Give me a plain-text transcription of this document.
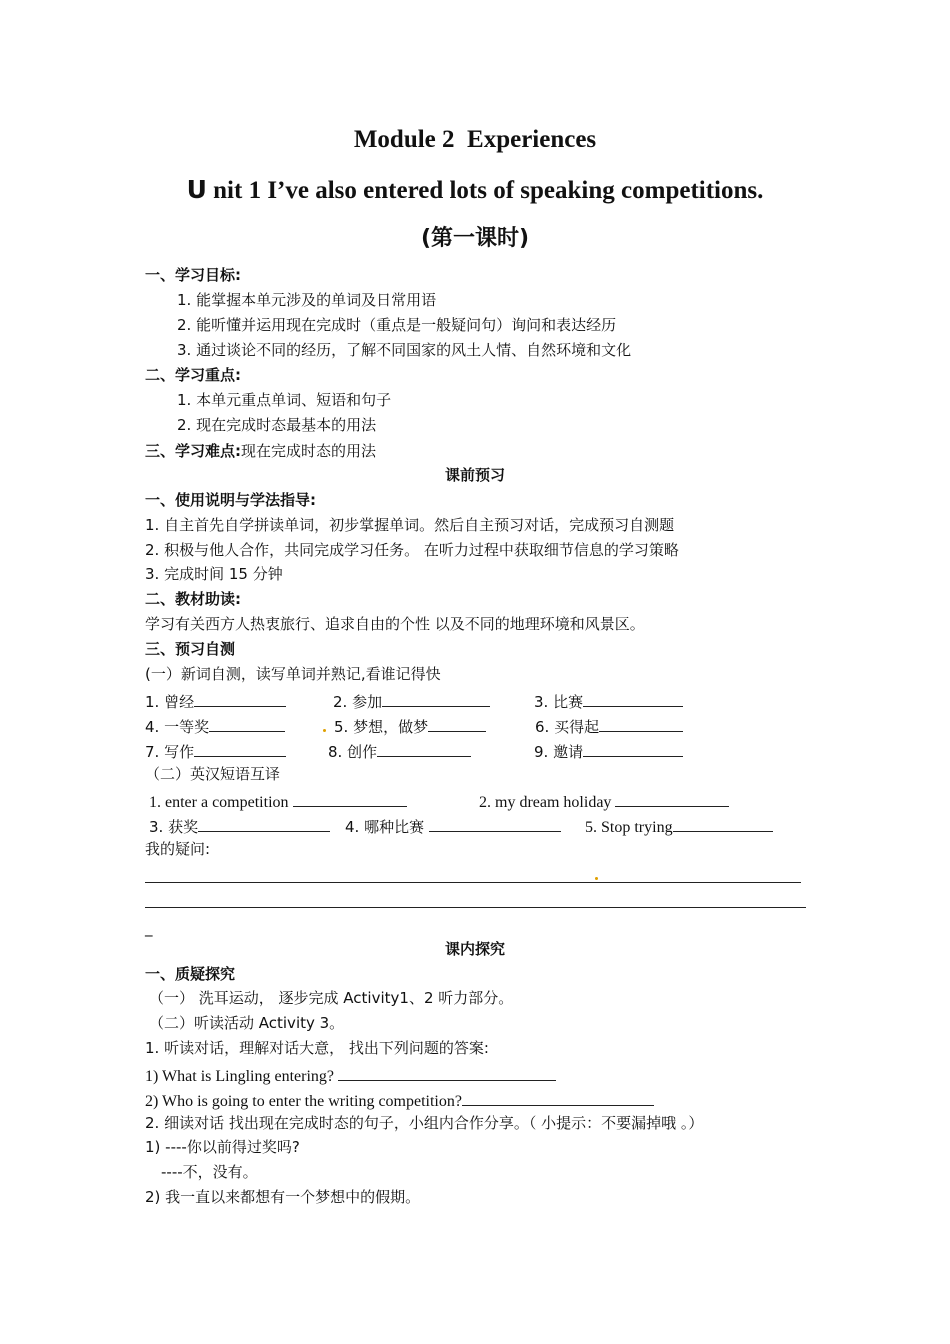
Module 2  Experiences
U nit 1 I’ve also entered lots of speaking competitions.
(第一课时)
一、学习目标:
1. 能掌握本单元涉及的单词及日常用语
2. 能听懂并运用现在完成时（重点是一般疑问句）询问和表达经历
3. 通过谈论不同的经历，了解不同国家的风土人情、自然环境和文化
二、学习重点:
1. 本单元重点单词、短语和句子
2. 现在完成时态最基本的用法
三、学习难点:现在完成时态的用法
课前预习
一、使用说明与学法指导:
1. 自主首先自学拼读单词，初步掌握单词。然后自主预习对话，完成预习自测题
2. 积极与他人合作，共同完成学习任务。 在听力过程中获取细节信息的学习策略
3. 完成时间 15 分钟
二、教材助读:
学习有关西方人热衷旅行、追求自由的个性 以及不同的地理环境和风景区。
三、预习自测
(一）新词自测，读写单词并熟记,看谁记得快
1. 曾经	2. 参加	3. 比赛
4. 一等奖	5. 梦想，做梦	6. 买得起
7. 写作	8. 创作	9. 邀请
（二）英汉短语互译
1. enter a competition	2. my dream holiday
3. 获奖	4. 哪种比赛	5. Stop trying
我的疑问:
_
课内探究
一、质疑探究
（一） 洗耳运动， 逐步完成 Activity1、2 听力部分。
（二）听读活动 Activity 3。
1. 听读对话，理解对话大意， 找出下列问题的答案:
1) What is Lingling entering?
2) Who is going to enter the writing competition?
2. 细读对话 找出现在完成时态的句子，小组内合作分享。（ 小提示：不要漏掉哦 。）
1) ----你以前得过奖吗?
----不，没有。
2) 我一直以来都想有一个梦想中的假期。
